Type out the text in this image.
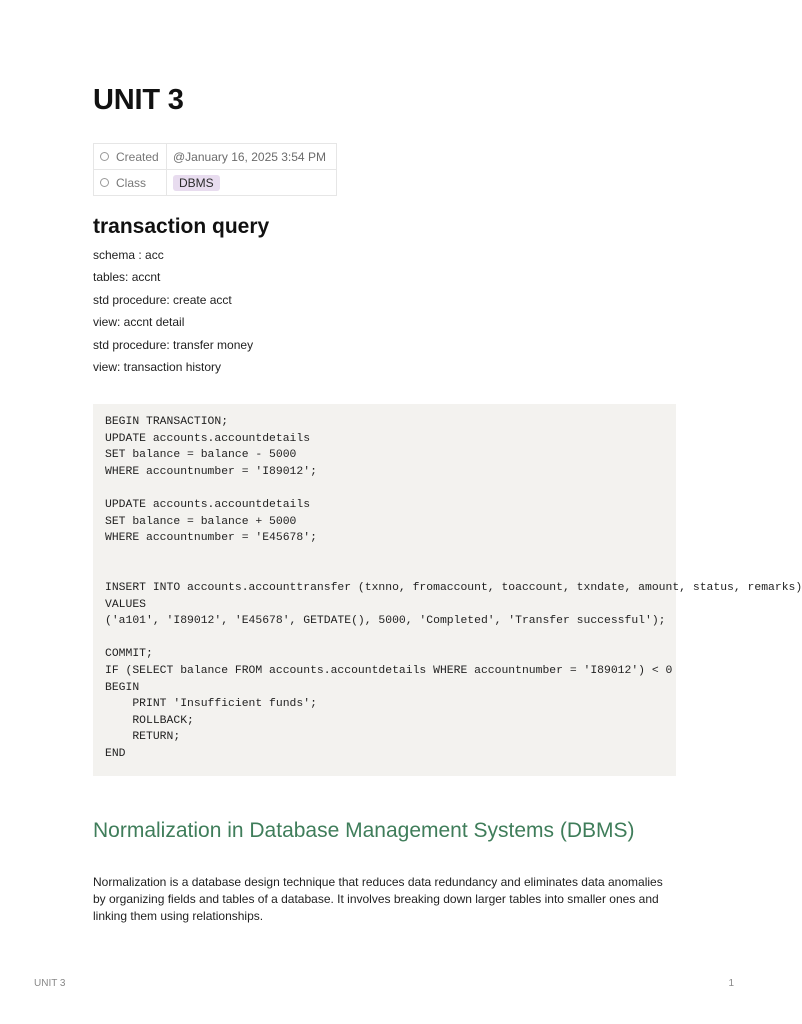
UNIT 3
Created	@January 16, 2025 3:54 PM
Class	DBMS
transaction query
schema : acc
tables: accnt
std procedure: create acct
view: accnt detail
std procedure: transfer money
view: transaction history
BEGIN TRANSACTION;
UPDATE accounts.accountdetails
SET balance = balance - 5000
WHERE accountnumber = 'I89012';

UPDATE accounts.accountdetails
SET balance = balance + 5000
WHERE accountnumber = 'E45678';

INSERT INTO accounts.accounttransfer (txnno, fromaccount, toaccount, txndate, amount, status, remarks)
VALUES
('a101', 'I89012', 'E45678', GETDATE(), 5000, 'Completed', 'Transfer successful');

COMMIT;
IF (SELECT balance FROM accounts.accountdetails WHERE accountnumber = 'I89012') < 0
BEGIN
PRINT 'Insufficient funds';
ROLLBACK;
RETURN;
END
Normalization in Database Management Systems (DBMS)

Normalization is a database design technique that reduces data redundancy and eliminates data anomalies by organizing fields and tables of a database. It involves breaking down larger tables into smaller ones and linking them using relationships.

UNIT 3	1
